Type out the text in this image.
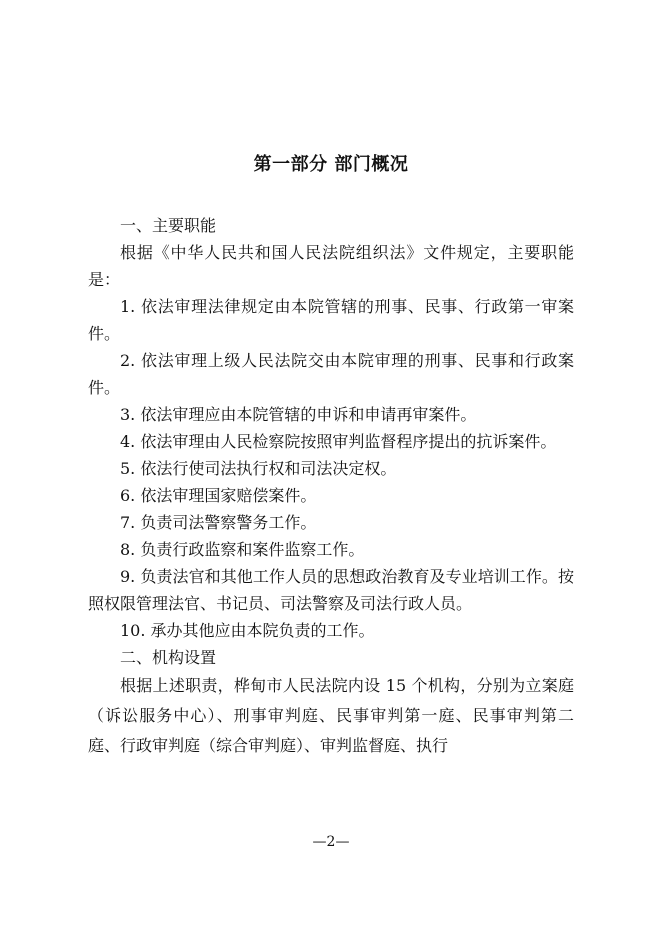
第一部分 部门概况

一、主要职能

根据《中华人民共和国人民法院组织法》文件规定，主要职能是：

1. 依法审理法律规定由本院管辖的刑事、民事、行政第一审案件。

2. 依法审理上级人民法院交由本院审理的刑事、民事和行政案件。

3. 依法审理应由本院管辖的申诉和申请再审案件。

4. 依法审理由人民检察院按照审判监督程序提出的抗诉案件。

5. 依法行使司法执行权和司法决定权。

6. 依法审理国家赔偿案件。

7. 负责司法警察警务工作。

8. 负责行政监察和案件监察工作。

9. 负责法官和其他工作人员的思想政治教育及专业培训工作。按照权限管理法官、书记员、司法警察及司法行政人员。

10. 承办其他应由本院负责的工作。

二、机构设置

根据上述职责，桦甸市人民法院内设 15 个机构，分别为立案庭（诉讼服务中心）、刑事审判庭、民事审判第一庭、民事审判第二庭、行政审判庭（综合审判庭）、审判监督庭、执行

—2—
